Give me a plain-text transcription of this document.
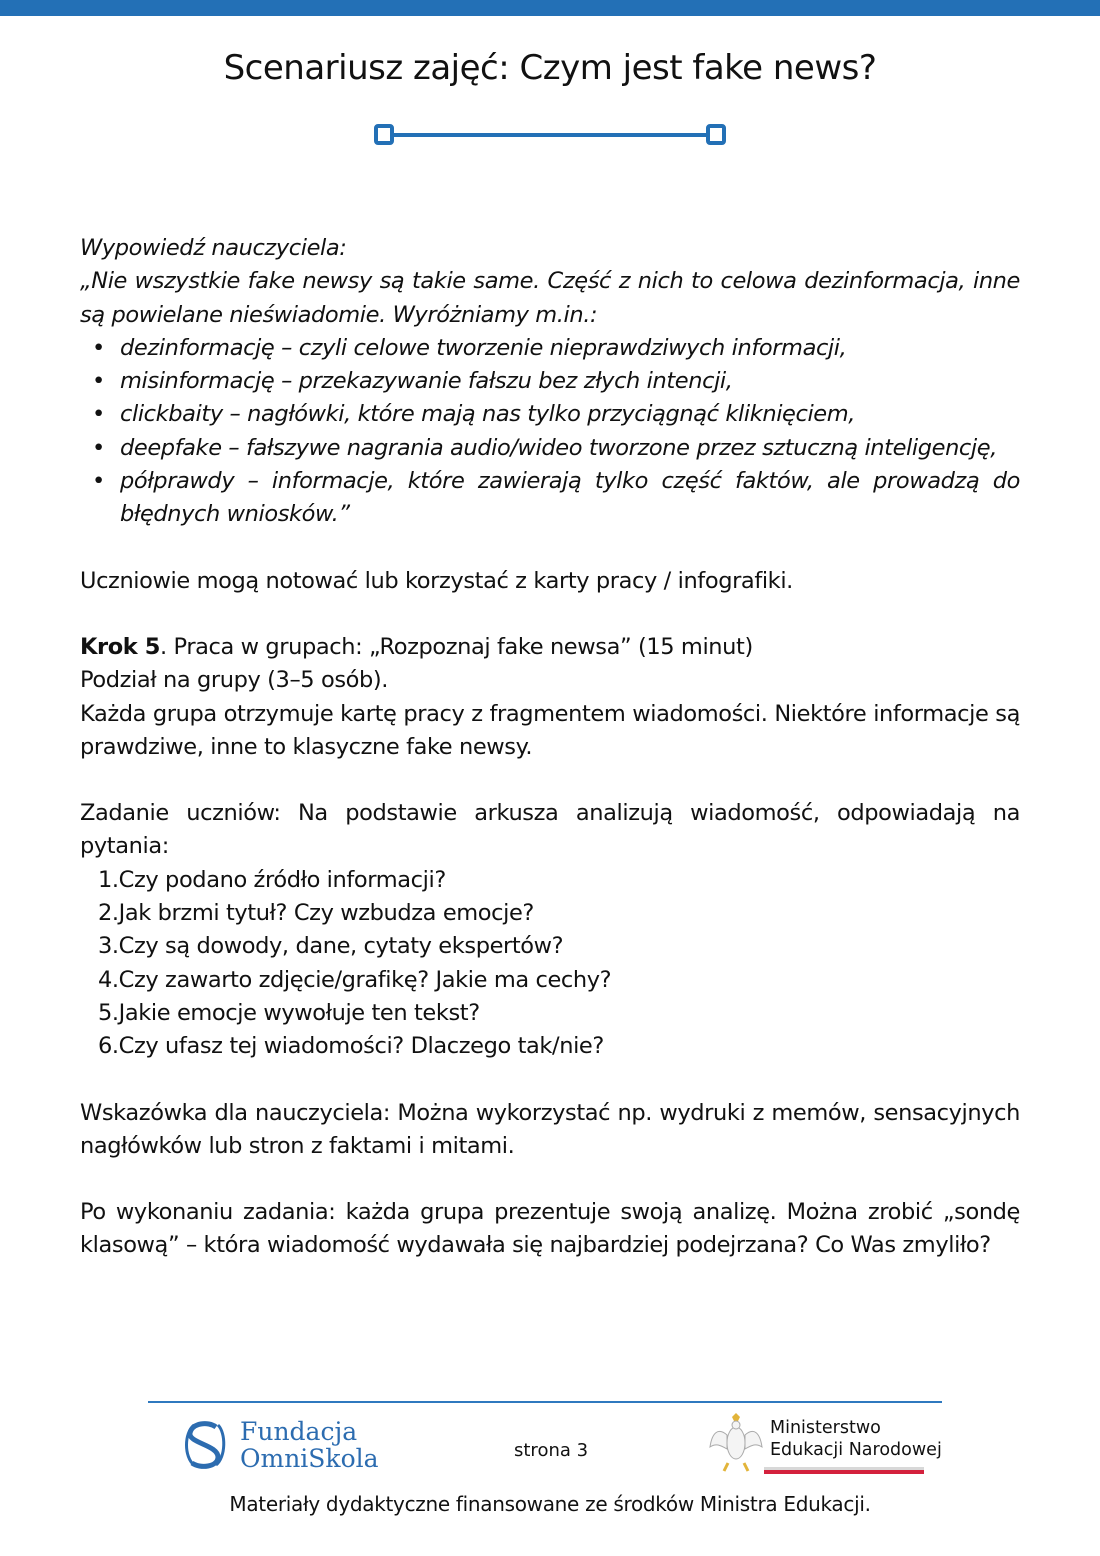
Scenariusz zajęć: Czym jest fake news?

Wypowiedź nauczyciela:

„Nie wszystkie fake newsy są takie same. Część z nich to celowa dezinformacja, inne są powielane nieświadomie. Wyróżniamy m.in.:

• dezinformację – czyli celowe tworzenie nieprawdziwych informacji,
• misinformację – przekazywanie fałszu bez złych intencji,
• clickbaity – nagłówki, które mają nas tylko przyciągnąć kliknięciem,
• deepfake – fałszywe nagrania audio/wideo tworzone przez sztuczną inteligencję,
• półprawdy – informacje, które zawierają tylko część faktów, ale prowadzą do błędnych wniosków.”

Uczniowie mogą notować lub korzystać z karty pracy / infografiki.

Krok 5. Praca w grupach: „Rozpoznaj fake newsa” (15 minut)

Podział na grupy (3–5 osób).

Każda grupa otrzymuje kartę pracy z fragmentem wiadomości. Niektóre informacje są prawdziwe, inne to klasyczne fake newsy.

Zadanie uczniów: Na podstawie arkusza analizują wiadomość, odpowiadają na pytania:

1.Czy podano źródło informacji?
2.Jak brzmi tytuł? Czy wzbudza emocje?
3.Czy są dowody, dane, cytaty ekspertów?
4.Czy zawarto zdjęcie/grafikę? Jakie ma cechy?
5.Jakie emocje wywołuje ten tekst?
6.Czy ufasz tej wiadomości? Dlaczego tak/nie?

Wskazówka dla nauczyciela: Można wykorzystać np. wydruki z memów, sensacyjnych nagłówków lub stron z faktami i mitami.

Po wykonaniu zadania: każda grupa prezentuje swoją analizę. Można zrobić „sondę klasową” – która wiadomość wydawała się najbardziej podejrzana? Co Was zmyliło?

Fundacja
OmniSkola	strona 3
Ministerstwo
Edukacji Narodowej
Materiały dydaktyczne finansowane ze środków Ministra Edukacji.
